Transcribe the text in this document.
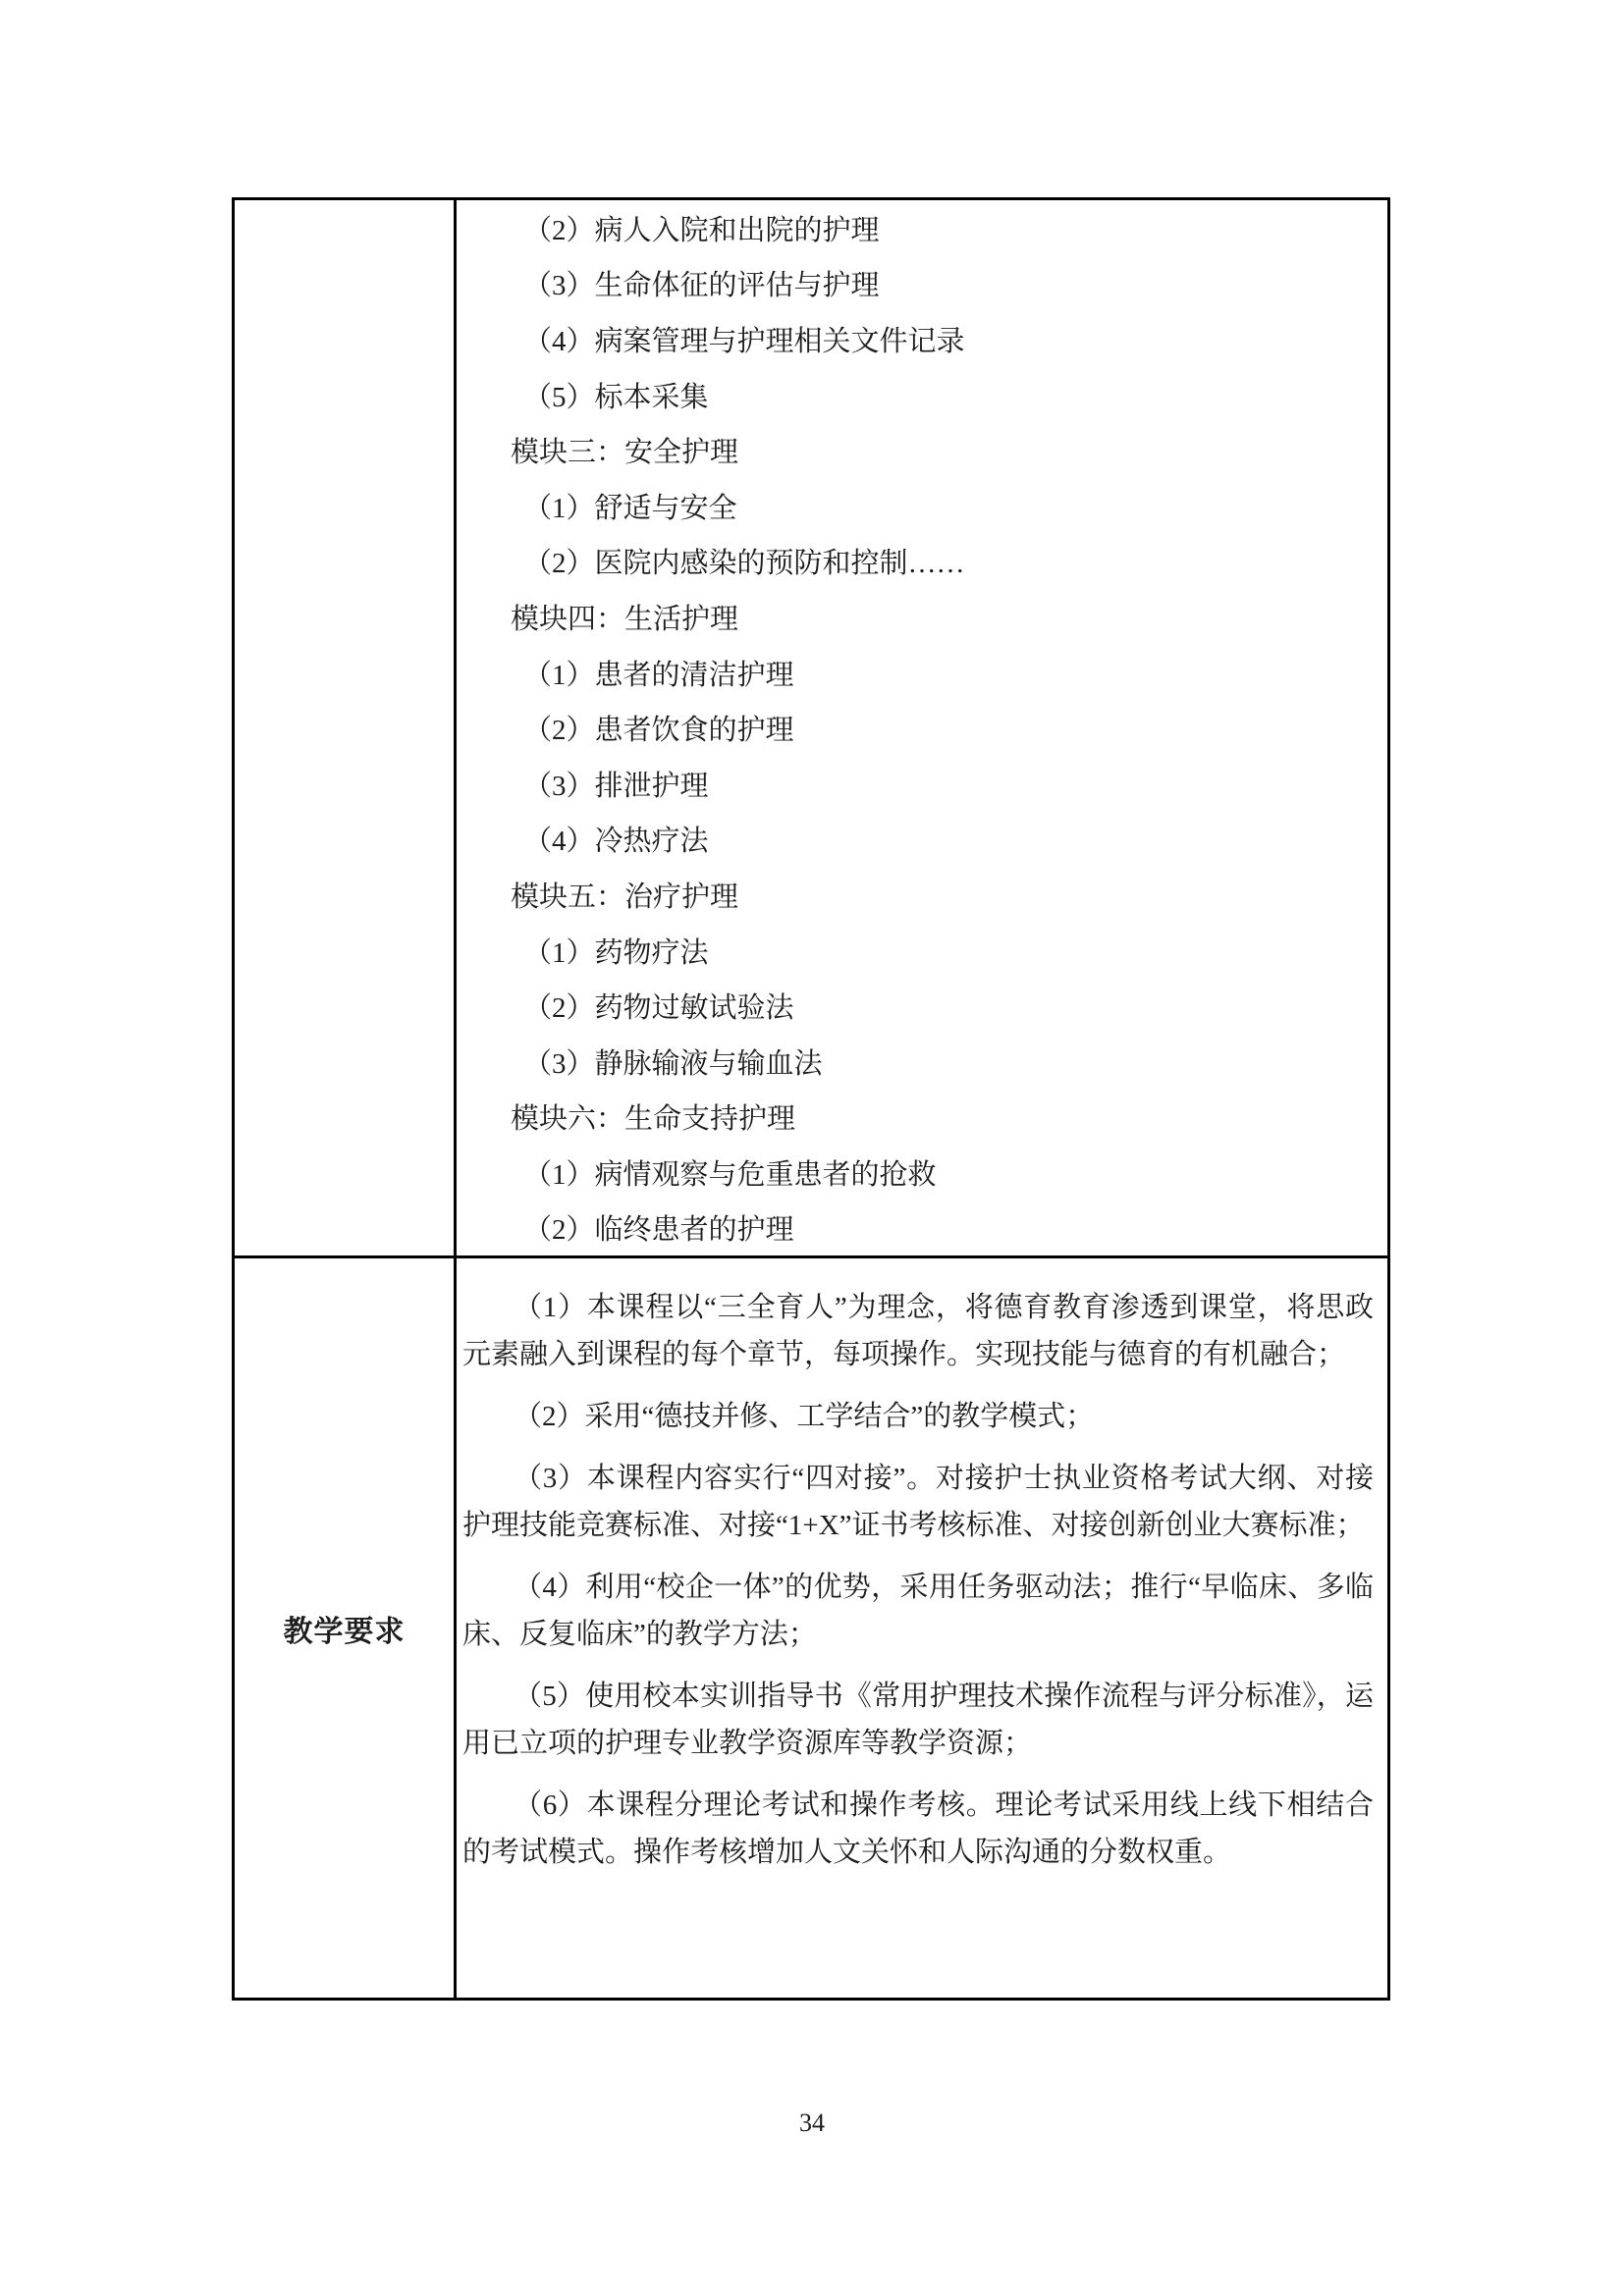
（2）病人入院和出院的护理
（3）生命体征的评估与护理
（4）病案管理与护理相关文件记录
（5）标本采集
模块三：安全护理
（1）舒适与安全
（2）医院内感染的预防和控制……
模块四：生活护理
（1）患者的清洁护理
（2）患者饮食的护理
（3）排泄护理
（4）冷热疗法
模块五：治疗护理
（1）药物疗法
（2）药物过敏试验法
（3）静脉输液与输血法
模块六：生命支持护理
（1）病情观察与危重患者的抢救
（2）临终患者的护理
教学要求

（1）本课程以“三全育人”为理念，将德育教育渗透到课堂，将思政元素融入到课程的每个章节，每项操作。实现技能与德育的有机融合；

（2）采用“德技并修、工学结合”的教学模式；

（3）本课程内容实行“四对接”。对接护士执业资格考试大纲、对接护理技能竞赛标准、对接“1+X”证书考核标准、对接创新创业大赛标准；

（4）利用“校企一体”的优势，采用任务驱动法；推行“早临床、多临床、反复临床”的教学方法；

（5）使用校本实训指导书《常用护理技术操作流程与评分标准》，运用已立项的护理专业教学资源库等教学资源；

（6）本课程分理论考试和操作考核。理论考试采用线上线下相结合的考试模式。操作考核增加人文关怀和人际沟通的分数权重。

34
